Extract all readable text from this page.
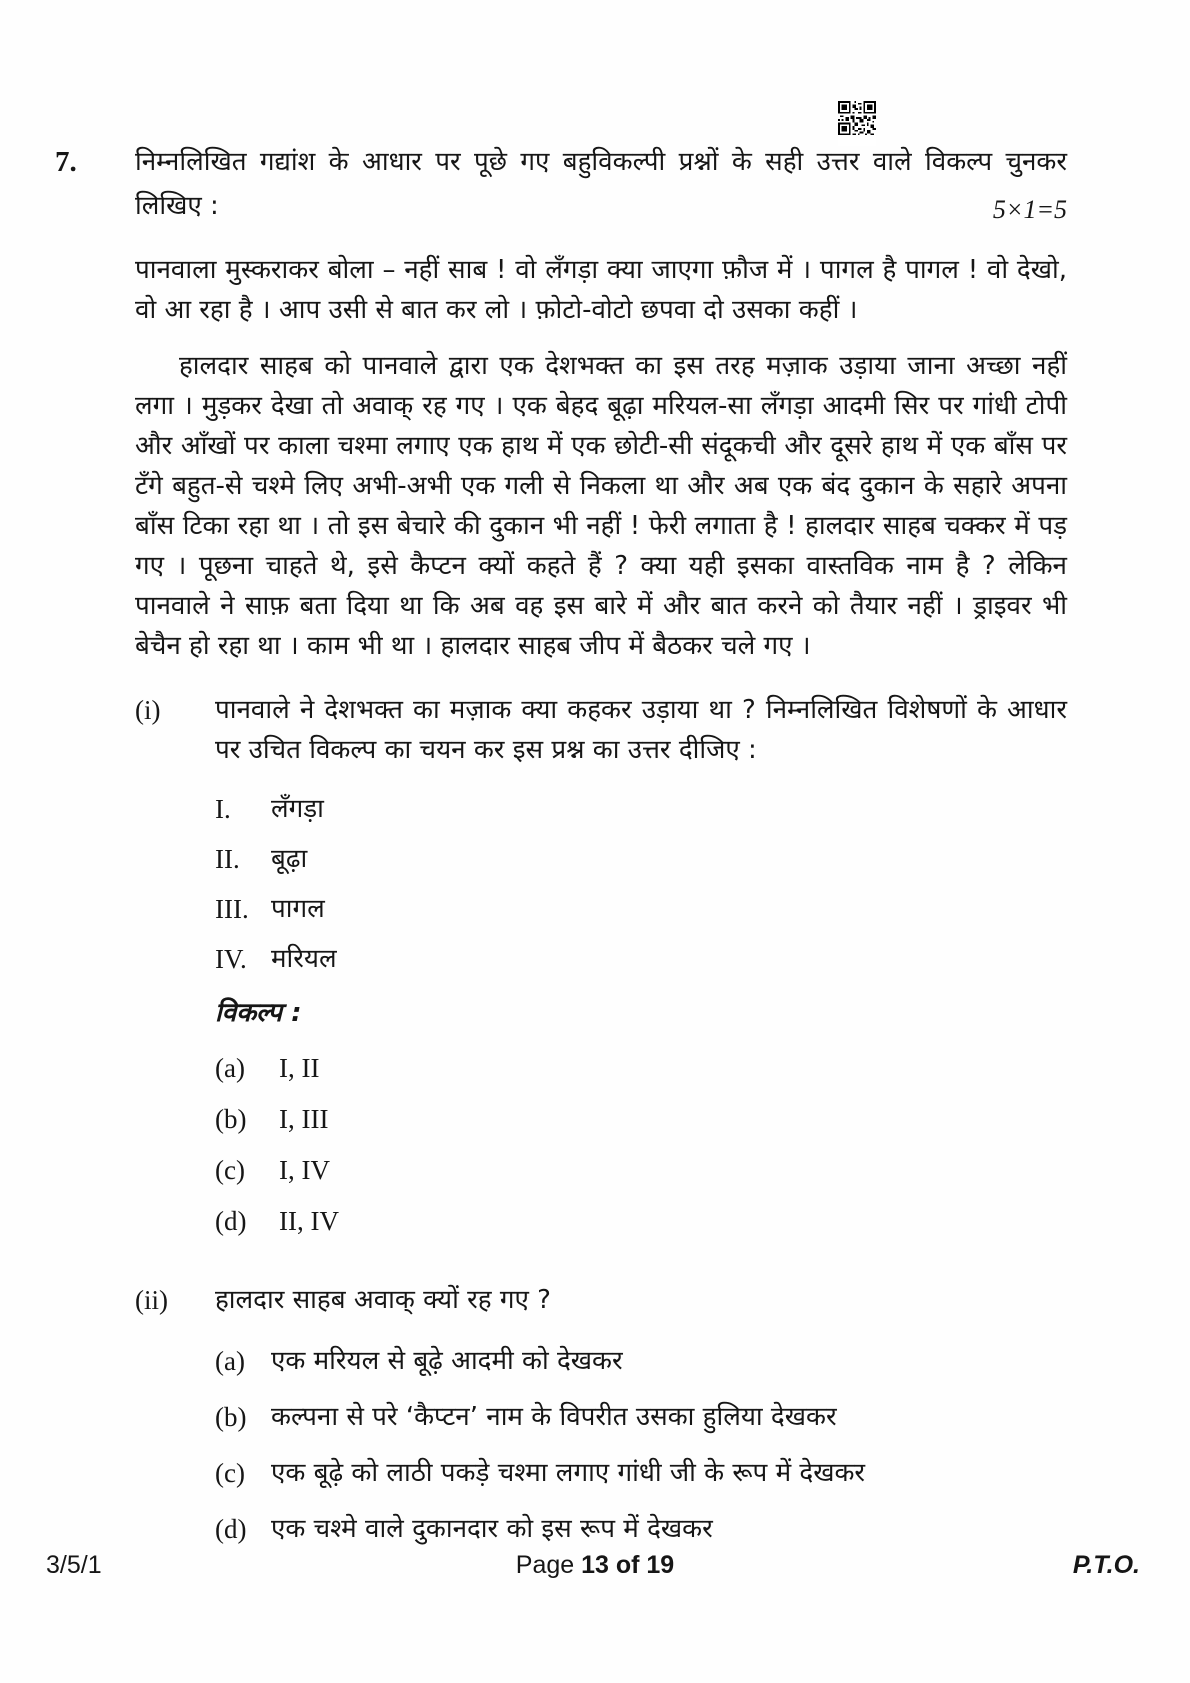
7.	निम्नलिखित गद्यांश के आधार पर पूछे गए बहुविकल्पी प्रश्नों के सही उत्तर वाले विकल्प चुनकर लिखिए :	5×1=5

पानवाला मुस्कराकर बोला – नहीं साब ! वो लँगड़ा क्या जाएगा फ़ौज में । पागल है पागल ! वो देखो, वो आ रहा है । आप उसी से बात कर लो । फ़ोटो-वोटो छपवा दो उसका कहीं ।

हालदार साहब को पानवाले द्वारा एक देशभक्त का इस तरह मज़ाक उड़ाया जाना अच्छा नहीं लगा । मुड़कर देखा तो अवाक् रह गए । एक बेहद बूढ़ा मरियल-सा लँगड़ा आदमी सिर पर गांधी टोपी और आँखों पर काला चश्मा लगाए एक हाथ में एक छोटी-सी संदूकची और दूसरे हाथ में एक बाँस पर टँगे बहुत-से चश्मे लिए अभी-अभी एक गली से निकला था और अब एक बंद दुकान के सहारे अपना बाँस टिका रहा था । तो इस बेचारे की दुकान भी नहीं ! फेरी लगाता है ! हालदार साहब चक्कर में पड़ गए । पूछना चाहते थे, इसे कैप्टन क्यों कहते हैं ? क्या यही इसका वास्तविक नाम है ? लेकिन पानवाले ने साफ़ बता दिया था कि अब वह इस बारे में और बात करने को तैयार नहीं । ड्राइवर भी बेचैन हो रहा था । काम भी था । हालदार साहब जीप में बैठकर चले गए ।

(i)	पानवाले ने देशभक्त का मज़ाक क्या कहकर उड़ाया था ? निम्नलिखित विशेषणों के आधार पर उचित विकल्प का चयन कर इस प्रश्न का उत्तर दीजिए :

I.	लँगड़ा
II.	बूढ़ा
III. पागल
IV. मरियल
विकल्प :
(a)	I, II
(b)	I, III
(c)	I, IV
(d)	II, IV
(ii)	हालदार साहब अवाक् क्यों रह गए ?

(a)	एक मरियल से बूढ़े आदमी को देखकर
(b) कल्पना से परे ‘कैप्टन’ नाम के विपरीत उसका हुलिया देखकर
(c)	एक बूढ़े को लाठी पकड़े चश्मा लगाए गांधी जी के रूप में देखकर
(d) एक चश्मे वाले दुकानदार को इस रूप में देखकर
3/5/1	Page 13 of 19	P.T.O.
